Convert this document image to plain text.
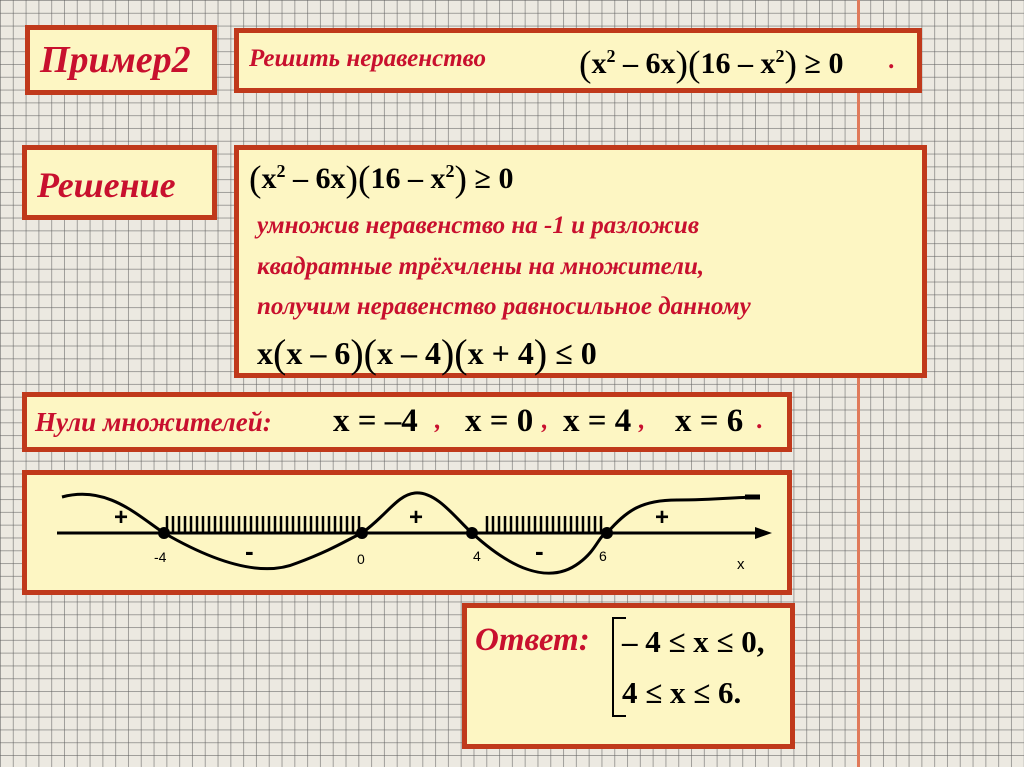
Пример2 Решить неравенство $(x^2 - 6x)(16 - x^2) \ge 0$ .
Решение $(x^2 - 6x)(16 - x^2) \ge 0$
умножив неравенство на -1 и разложив
квадратные трёхчлены на множители,
получим неравенство равносильное данному
x(x – 6)(x – 4)(x + 4) ≤ 0
Нули множителей: x = –4 , x = 0 , x = 4 , x = 6 .
+
-
+
-
+
-4	0	4	6	x
Ответ: – 4 ≤ x ≤ 0,
4 ≤ x ≤ 6.
